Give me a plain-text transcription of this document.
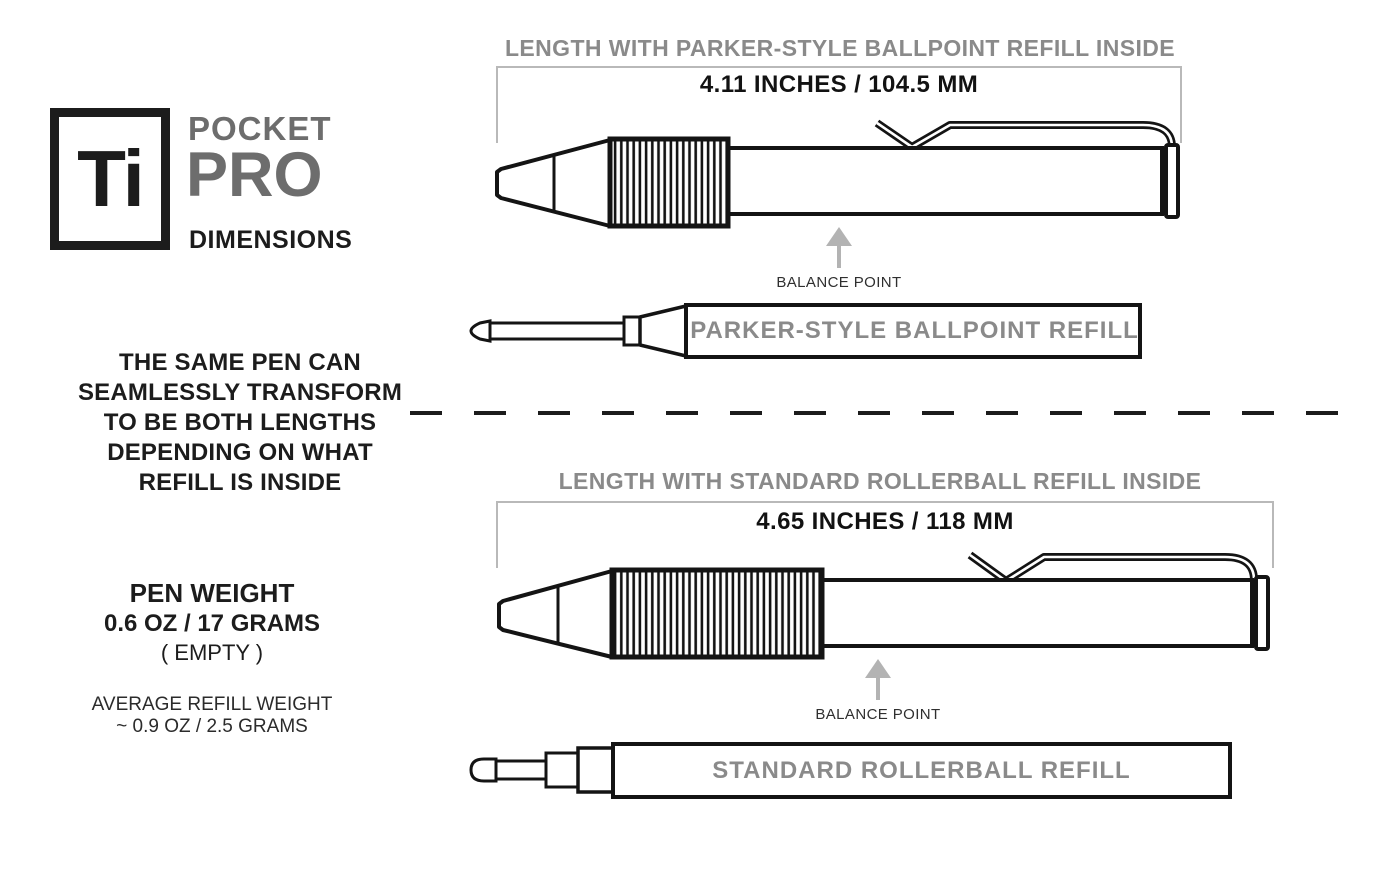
Ti
POCKET
PRO
DIMENSIONS
THE SAME PEN CAN
SEAMLESSLY TRANSFORM
TO BE BOTH LENGTHS
DEPENDING ON WHAT
REFILL IS INSIDE
PEN WEIGHT
0.6 OZ / 17 GRAMS
( EMPTY )
AVERAGE REFILL WEIGHT
~ 0.9 OZ / 2.5 GRAMS
LENGTH WITH PARKER-STYLE BALLPOINT REFILL INSIDE
4.11 INCHES / 104.5 MM
BALANCE POINT
PARKER-STYLE BALLPOINT REFILL
LENGTH WITH STANDARD ROLLERBALL REFILL INSIDE
4.65 INCHES / 118 MM
BALANCE POINT
STANDARD ROLLERBALL REFILL
